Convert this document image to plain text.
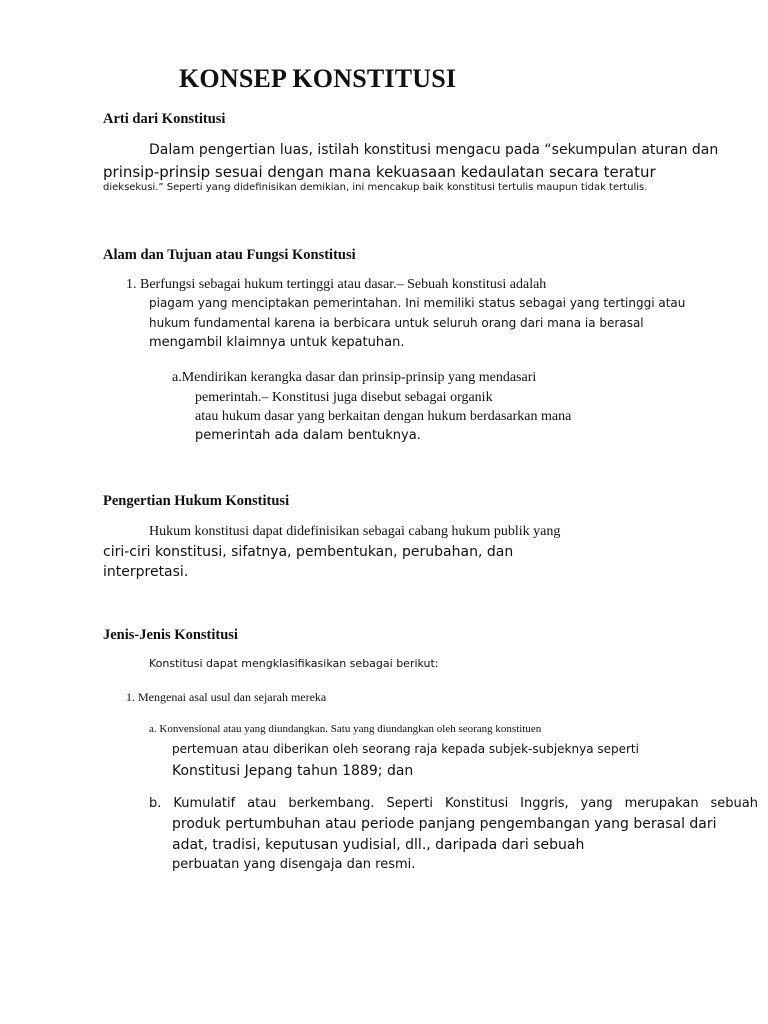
KONSEP KONSTITUSI
Arti dari Konstitusi
Dalam pengertian luas, istilah konstitusi mengacu pada “sekumpulan aturan dan
prinsip-prinsip sesuai dengan mana kekuasaan kedaulatan secara teratur
dieksekusi.” Seperti yang didefinisikan demikian, ini mencakup baik konstitusi tertulis maupun tidak tertulis.
Alam dan Tujuan atau Fungsi Konstitusi
1. Berfungsi sebagai hukum tertinggi atau dasar.– Sebuah konstitusi adalah
piagam yang menciptakan pemerintahan. Ini memiliki status sebagai yang tertinggi atau
hukum fundamental karena ia berbicara untuk seluruh orang dari mana ia berasal
mengambil klaimnya untuk kepatuhan.
a.Mendirikan kerangka dasar dan prinsip-prinsip yang mendasari
pemerintah.– Konstitusi juga disebut sebagai organik
atau hukum dasar yang berkaitan dengan hukum berdasarkan mana
pemerintah ada dalam bentuknya.
Pengertian Hukum Konstitusi
Hukum konstitusi dapat didefinisikan sebagai cabang hukum publik yang
ciri-ciri konstitusi, sifatnya, pembentukan, perubahan, dan
interpretasi.
Jenis-Jenis Konstitusi
Konstitusi dapat mengklasifikasikan sebagai berikut:
1. Mengenai asal usul dan sejarah mereka
a. Konvensional atau yang diundangkan. Satu yang diundangkan oleh seorang konstituen
pertemuan atau diberikan oleh seorang raja kepada subjek-subjeknya seperti
Konstitusi Jepang tahun 1889; dan
b. Kumulatif atau berkembang. Seperti Konstitusi Inggris, yang merupakan sebuah
produk pertumbuhan atau periode panjang pengembangan yang berasal dari
adat, tradisi, keputusan yudisial, dll., daripada dari sebuah
perbuatan yang disengaja dan resmi.
